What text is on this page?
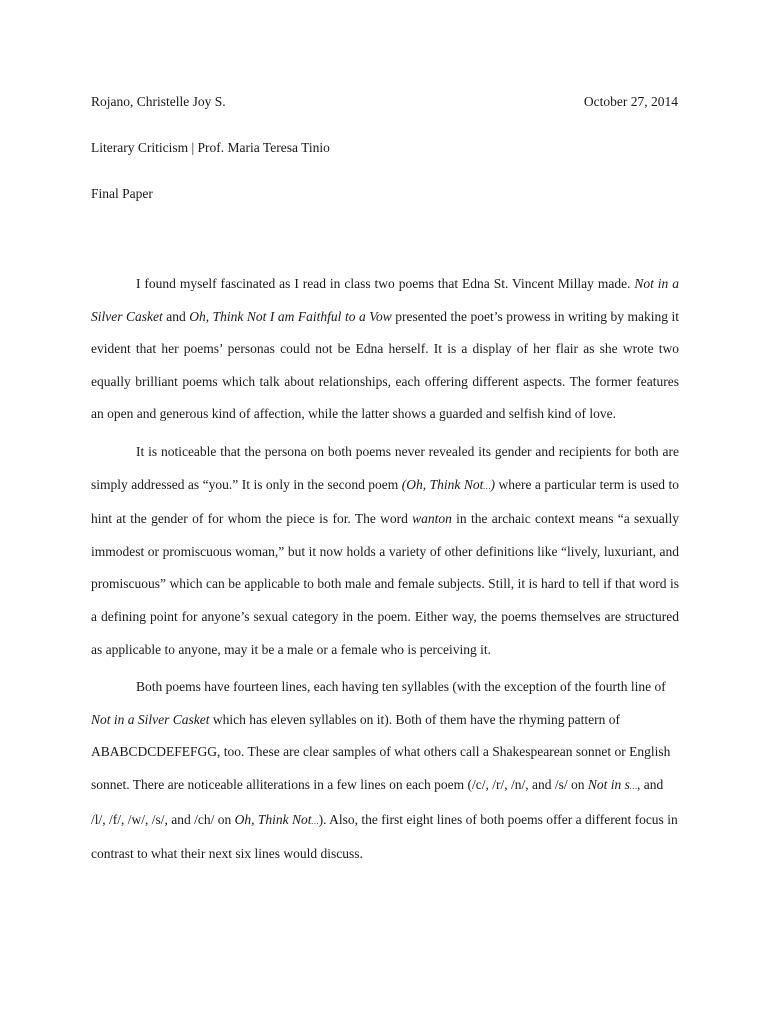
Rojano, Christelle Joy S.	October 27, 2014
Literary Criticism | Prof. Maria Teresa Tinio
Final Paper

I found myself fascinated as I read in class two poems that Edna St. Vincent Millay made. Not in a Silver Casket and Oh, Think Not I am Faithful to a Vow presented the poet’s prowess in writing by making it evident that her poems’ personas could not be Edna herself. It is a display of her flair as she wrote two equally brilliant poems which talk about relationships, each offering different aspects. The former features an open and generous kind of affection, while the latter shows a guarded and selfish kind of love.

It is noticeable that the persona on both poems never revealed its gender and recipients for both are simply addressed as “you.” It is only in the second poem (Oh, Think Not…) where a particular term is used to hint at the gender of for whom the piece is for. The word wanton in the archaic context means “a sexually immodest or promiscuous woman,” but it now holds a variety of other definitions like “lively, luxuriant, and promiscuous” which can be applicable to both male and female subjects. Still, it is hard to tell if that word is a defining point for anyone’s sexual category in the poem. Either way, the poems themselves are structured as applicable to anyone, may it be a male or a female who is perceiving it.

Both poems have fourteen lines, each having ten syllables (with the exception of the fourth line of Not in a Silver Casket which has eleven syllables on it). Both of them have the rhyming pattern of ABABCDCDEFEFGG, too. These are clear samples of what others call a Shakespearean sonnet or English sonnet. There are noticeable alliterations in a few lines on each poem (/c/, /r/, /n/, and /s/ on Not in s…, and /l/, /f/, /w/, /s/, and /ch/ on Oh, Think Not…). Also, the first eight lines of both poems offer a different focus in contrast to what their next six lines would discuss.
